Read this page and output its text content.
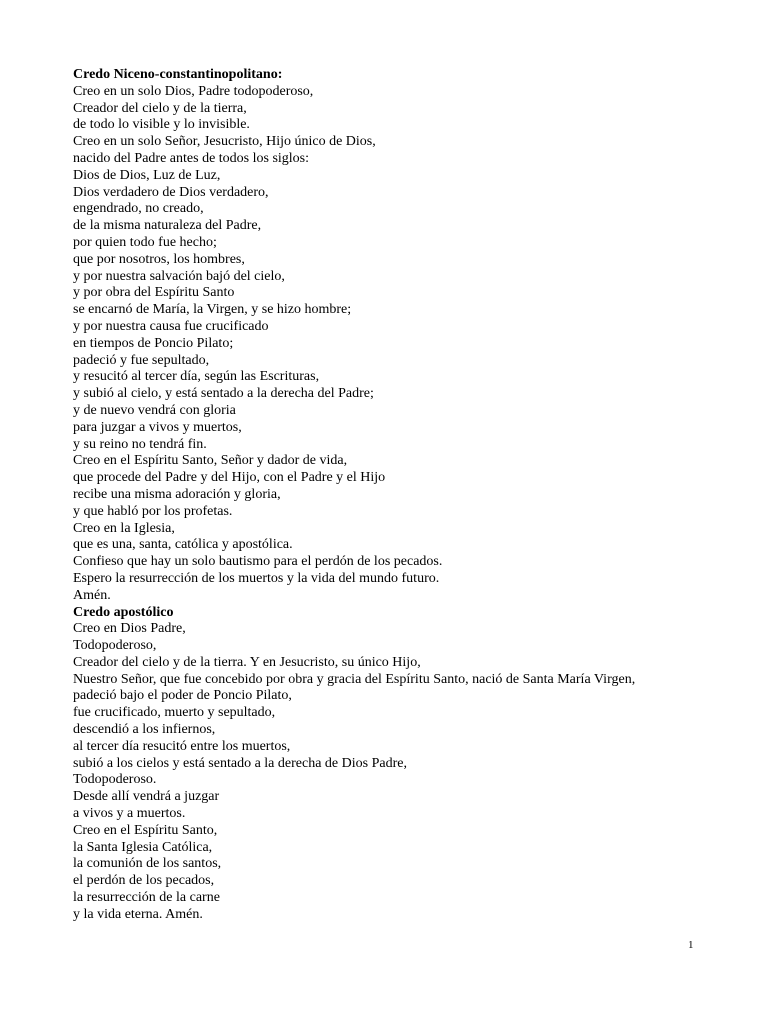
Credo Niceno-constantinopolitano:
Creo en un solo Dios, Padre todopoderoso,
Creador del cielo y de la tierra,
de todo lo visible y lo invisible.
Creo en un solo Señor, Jesucristo, Hijo único de Dios,
nacido del Padre antes de todos los siglos:
Dios de Dios, Luz de Luz,
Dios verdadero de Dios verdadero,
engendrado, no creado,
de la misma naturaleza del Padre,
por quien todo fue hecho;
que por nosotros, los hombres,
y por nuestra salvación bajó del cielo,
y por obra del Espíritu Santo
se encarnó de María, la Virgen, y se hizo hombre;
y por nuestra causa fue crucificado
en tiempos de Poncio Pilato;
padeció y fue sepultado,
y resucitó al tercer día, según las Escrituras,
y subió al cielo, y está sentado a la derecha del Padre;
y de nuevo vendrá con gloria
para juzgar a vivos y muertos,
y su reino no tendrá fin.
Creo en el Espíritu Santo, Señor y dador de vida,
que procede del Padre y del Hijo, con el Padre y el Hijo
recibe una misma adoración y gloria,
y que habló por los profetas.
Creo en la Iglesia,
que es una, santa, católica y apostólica.
Confieso que hay un solo bautismo para el perdón de los pecados.
Espero la resurrección de los muertos y la vida del mundo futuro.
Amén.
Credo apostólico
Creo en Dios Padre,
Todopoderoso,
Creador del cielo y de la tierra. Y en Jesucristo, su único Hijo,
Nuestro Señor, que fue concebido por obra y gracia del Espíritu Santo, nació de Santa María Virgen,
padeció bajo el poder de Poncio Pilato,
fue crucificado, muerto y sepultado,
descendió a los infiernos,
al tercer día resucitó entre los muertos,
subió a los cielos y está sentado a la derecha de Dios Padre,
Todopoderoso.
Desde allí vendrá a juzgar
a vivos y a muertos.
Creo en el Espíritu Santo,
la Santa Iglesia Católica,
la comunión de los santos,
el perdón de los pecados,
la resurrección de la carne
y la vida eterna. Amén.
1
